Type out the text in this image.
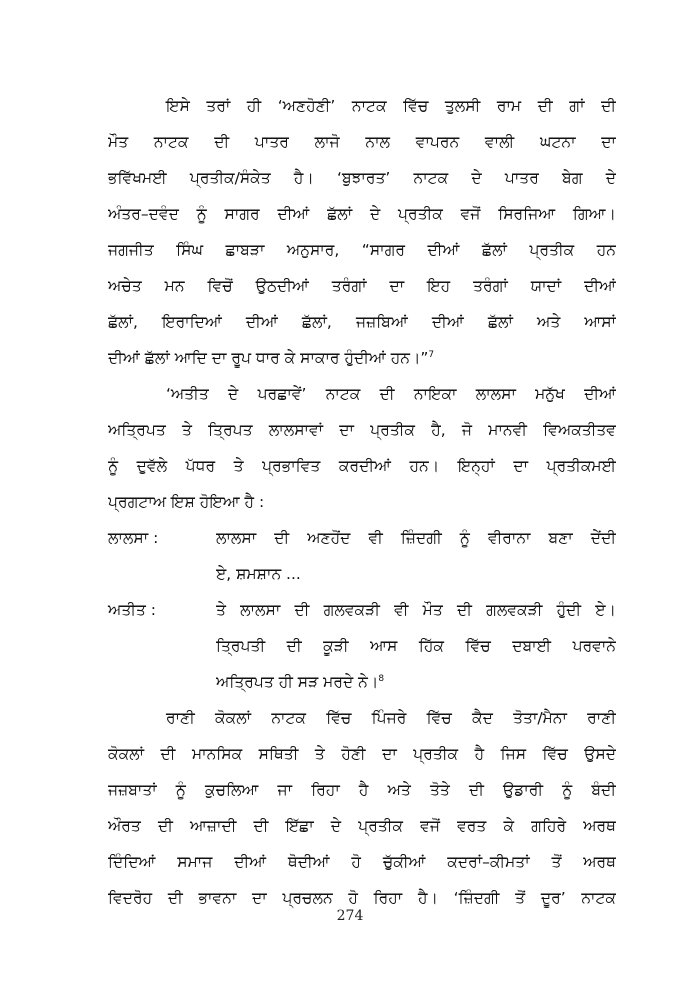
ਇਸੇ ਤਰਾਂ ਹੀ ‘ਅਣਹੋਣੀ’ ਨਾਟਕ ਵਿੱਚ ਤੁਲਸੀ ਰਾਮ ਦੀ ਗਾਂ ਦੀ
ਮੌਤ ਨਾਟਕ ਦੀ ਪਾਤਰ ਲਾਜੋ ਨਾਲ ਵਾਪਰਨ ਵਾਲੀ ਘਟਨਾ ਦਾ
ਭਵਿੱਖਮਈ ਪ੍ਰਤੀਕ/ਸੰਕੇਤ ਹੈ। ‘ਬੁਝਾਰਤ’ ਨਾਟਕ ਦੇ ਪਾਤਰ ਬੇਗ ਦੇ
ਅੰਤਰ–ਦਵੰਦ ਨੂੰ ਸਾਗਰ ਦੀਆਂ ਛੱਲਾਂ ਦੇ ਪ੍ਰਤੀਕ ਵਜੋਂ ਸਿਰਜਿਆ ਗਿਆ।
ਜਗਜੀਤ ਸਿੰਘ ਛਾਬੜਾ ਅਨੁਸਾਰ, “ਸਾਗਰ ਦੀਆਂ ਛੱਲਾਂ ਪ੍ਰਤੀਕ ਹਨ
ਅਚੇਤ ਮਨ ਵਿਚੋਂ ਉਠਦੀਆਂ ਤਰੰਗਾਂ ਦਾ ਇਹ ਤਰੰਗਾਂ ਯਾਦਾਂ ਦੀਆਂ
ਛੱਲਾਂ, ਇਰਾਦਿਆਂ ਦੀਆਂ ਛੱਲਾਂ, ਜਜ਼ਬਿਆਂ ਦੀਆਂ ਛੱਲਾਂ ਅਤੇ ਆਸਾਂ
ਦੀਆਂ ਛੱਲਾਂ ਆਦਿ ਦਾ ਰੂਪ ਧਾਰ ਕੇ ਸਾਕਾਰ ਹੁੰਦੀਆਂ ਹਨ।”$^7$
‘ਅਤੀਤ ਦੇ ਪਰਛਾਵੇਂ’ ਨਾਟਕ ਦੀ ਨਾਇਕਾ ਲਾਲਸਾ ਮਨੁੱਖ ਦੀਆਂ
ਅਤ੍ਰਿਪਤ ਤੇ ਤ੍ਰਿਪਤ ਲਾਲਸਾਵਾਂ ਦਾ ਪ੍ਰਤੀਕ ਹੈ, ਜੋ ਮਾਨਵੀ ਵਿਅਕਤੀਤਵ
ਨੂੰ ਦੁਵੱਲੇ ਪੱਧਰ ਤੇ ਪ੍ਰਭਾਵਿਤ ਕਰਦੀਆਂ ਹਨ। ਇਨ੍ਹਾਂ ਦਾ ਪ੍ਰਤੀਕਮਈ
ਪ੍ਰਗਟਾਅ ਇਸ਼ ਹੋਇਆ ਹੈ :
ਲਾਲਸਾ :	ਲਾਲਸਾ ਦੀ ਅਣਹੋਂਦ ਵੀ ਜ਼ਿੰਦਗੀ ਨੂੰ ਵੀਰਾਨਾ ਬਣਾ ਦੇਂਦੀ
ਏ, ਸ਼ਮਸ਼ਾਨ ...
ਅਤੀਤ :	ਤੇ ਲਾਲਸਾ ਦੀ ਗਲਵਕੜੀ ਵੀ ਮੌਤ ਦੀ ਗਲਵਕੜੀ ਹੁੰਦੀ ਏ।
ਤ੍ਰਿਪਤੀ ਦੀ ਕੂੜੀ ਆਸ ਹਿੱਕ ਵਿੱਚ ਦਬਾਈ ਪਰਵਾਨੇ
ਅਤ੍ਰਿਪਤ ਹੀ ਸੜ ਮਰਦੇ ਨੇ।$^8$
ਰਾਣੀ ਕੋਕਲਾਂ ਨਾਟਕ ਵਿੱਚ ਪਿੰਜਰੇ ਵਿੱਚ ਕੈਦ ਤੋਤਾ/ਮੈਨਾ ਰਾਣੀ
ਕੋਕਲਾਂ ਦੀ ਮਾਨਸਿਕ ਸਥਿਤੀ ਤੇ ਹੋਣੀ ਦਾ ਪ੍ਰਤੀਕ ਹੈ ਜਿਸ ਵਿੱਚ ਉਸਦੇ
ਜਜ਼ਬਾਤਾਂ ਨੂੰ ਕੁਚਲਿਆ ਜਾ ਰਿਹਾ ਹੈ ਅਤੇ ਤੋਤੇ ਦੀ ਉਡਾਰੀ ਨੂੰ ਬੰਦੀ
ਔਰਤ ਦੀ ਆਜ਼ਾਦੀ ਦੀ ਇੱਛਾ ਦੇ ਪ੍ਰਤੀਕ ਵਜੋਂ ਵਰਤ ਕੇ ਗਹਿਰੇ ਅਰਥ
ਦਿੰਦਿਆਂ ਸਮਾਜ ਦੀਆਂ ਥੋਦੀਆਂ ਹੋ ਚੁੱਕੀਆਂ ਕਦਰਾਂ–ਕੀਮਤਾਂ ਤੋਂ ਅਰਥ
ਵਿਦਰੋਹ ਦੀ ਭਾਵਨਾ ਦਾ ਪ੍ਰਚਲਨ ਹੋ ਰਿਹਾ ਹੈ। ‘ਜ਼ਿੰਦਗੀ ਤੋਂ ਦੂਰ’ ਨਾਟਕ
274
